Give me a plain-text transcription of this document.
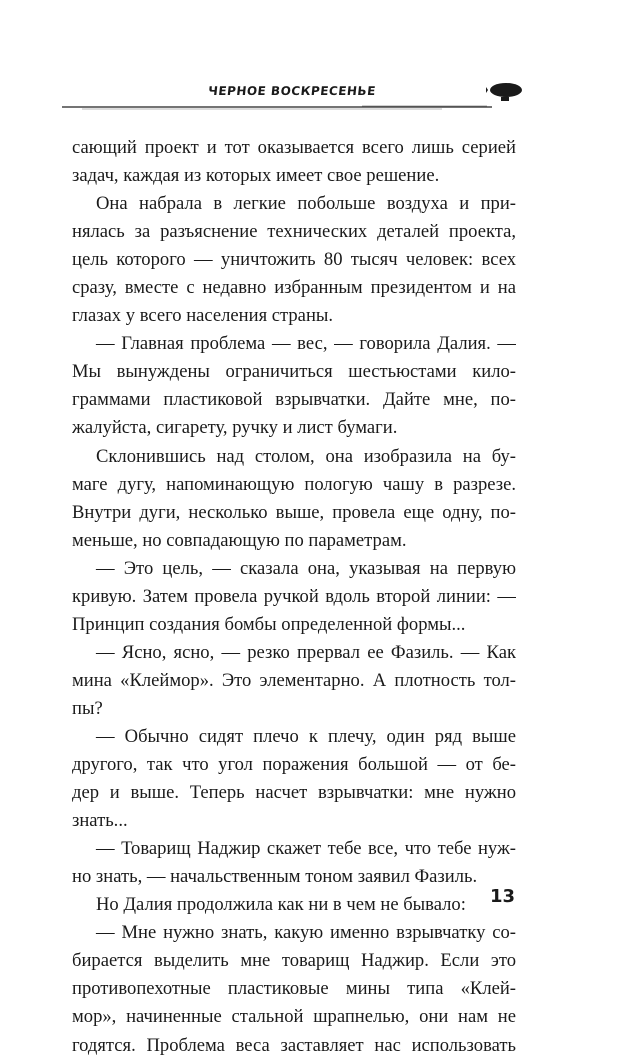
ЧЕРНОЕ ВОСКРЕСЕНЬЕ
сающий проект и тот оказывается всего лишь серией
задач, каждая из которых имеет свое решение.
Она набрала в легкие побольше воздуха и при-
нялась за разъяснение технических деталей проекта,
цель которого — уничтожить 80 тысяч человек: всех
сразу, вместе с недавно избранным президентом и на
глазах у всего населения страны.
— Главная проблема — вес, — говорила Далия. —
Мы вынуждены ограничиться шестьюстами кило-
граммами пластиковой взрывчатки. Дайте мне, по-
жалуйста, сигарету, ручку и лист бумаги.
Склонившись над столом, она изобразила на бу-
маге дугу, напоминающую пологую чашу в разрезе.
Внутри дуги, несколько выше, провела еще одну, по-
меньше, но совпадающую по параметрам.
— Это цель, — сказала она, указывая на первую
кривую. Затем провела ручкой вдоль второй линии: —
Принцип создания бомбы определенной формы...
— Ясно, ясно, — резко прервал ее Фазиль. — Как
мина «Клеймор». Это элементарно. А плотность тол-
пы?
— Обычно сидят плечо к плечу, один ряд выше
другого, так что угол поражения большой — от бе-
дер и выше. Теперь насчет взрывчатки: мне нужно
знать...
— Товарищ Наджир скажет тебе все, что тебе нуж-
но знать, — начальственным тоном заявил Фазиль.
Но Далия продолжила как ни в чем не бывало:
— Мне нужно знать, какую именно взрывчатку со-
бирается выделить мне товарищ Наджир. Если это
противопехотные пластиковые мины типа «Клей-
мор», начиненные стальной шрапнелью, они нам не
годятся. Проблема веса заставляет нас использовать
13
